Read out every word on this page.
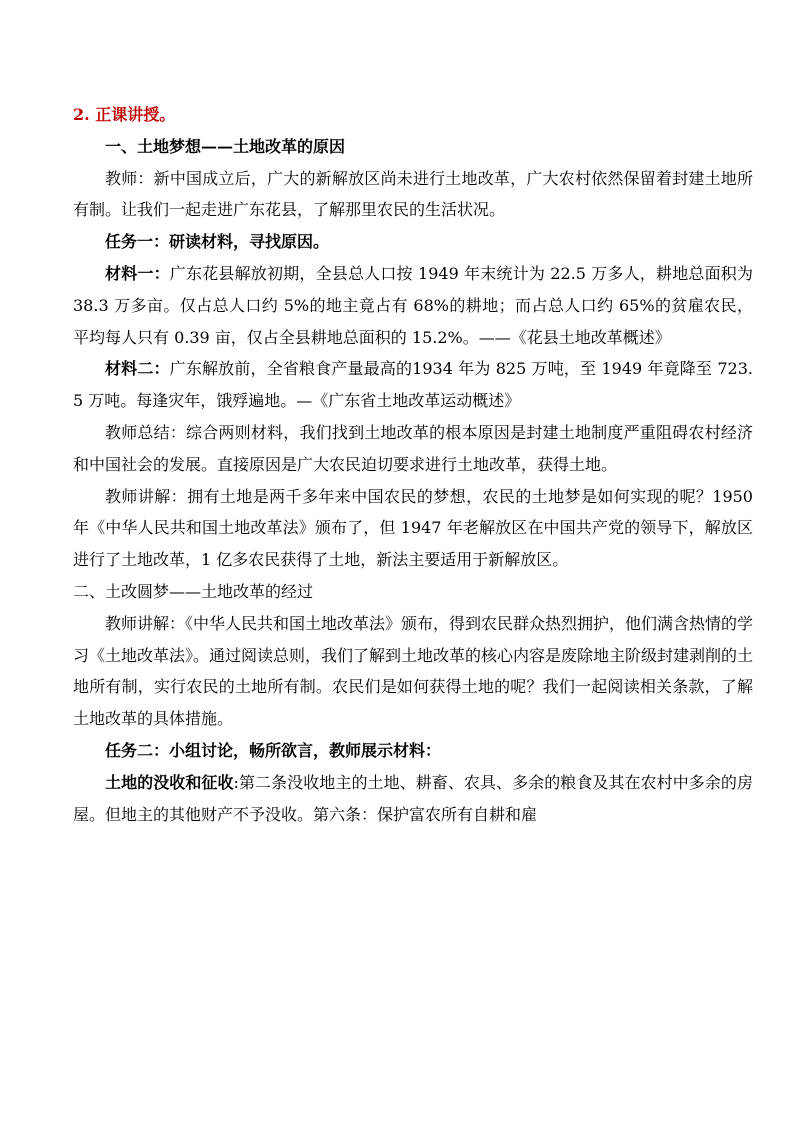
2. 正课讲授。

一、土地梦想——土地改革的原因

教师：新中国成立后，广大的新解放区尚未进行土地改革，广大农村依然保留着封建土地所有制。让我们一起走进广东花县，了解那里农民的生活状况。

任务一：研读材料，寻找原因。

材料一：广东花县解放初期，全县总人口按 1949 年末统计为 22.5 万多人，耕地总面积为 38.3 万多亩。仅占总人口约 5%的地主竟占有 68%的耕地；而占总人口约 65%的贫雇农民，平均每人只有 0.39 亩，仅占全县耕地总面积的 15.2%。——《花县土地改革概述》

材料二：广东解放前，全省粮食产量最高的1934 年为 825 万吨，至 1949 年竟降至 723. 5 万吨。每逢灾年，饿殍遍地。—《广东省土地改革运动概述》

教师总结：综合两则材料，我们找到土地改革的根本原因是封建土地制度严重阻碍农村经济和中国社会的发展。直接原因是广大农民迫切要求进行土地改革，获得土地。

教师讲解：拥有土地是两千多年来中国农民的梦想，农民的土地梦是如何实现的呢？1950 年《中华人民共和国土地改革法》颁布了，但 1947 年老解放区在中国共产党的领导下，解放区进行了土地改革，1 亿多农民获得了土地，新法主要适用于新解放区。

二、土改圆梦——土地改革的经过

教师讲解：《中华人民共和国土地改革法》颁布，得到农民群众热烈拥护，他们满含热情的学习《土地改革法》。通过阅读总则，我们了解到土地改革的核心内容是废除地主阶级封建剥削的土地所有制，实行农民的土地所有制。农民们是如何获得土地的呢？我们一起阅读相关条款，了解土地改革的具体措施。

任务二：小组讨论，畅所欲言，教师展示材料：

土地的没收和征收:第二条没收地主的土地、耕畜、农具、多余的粮食及其在农村中多余的房屋。但地主的其他财产不予没收。第六条：保护富农所有自耕和雇
